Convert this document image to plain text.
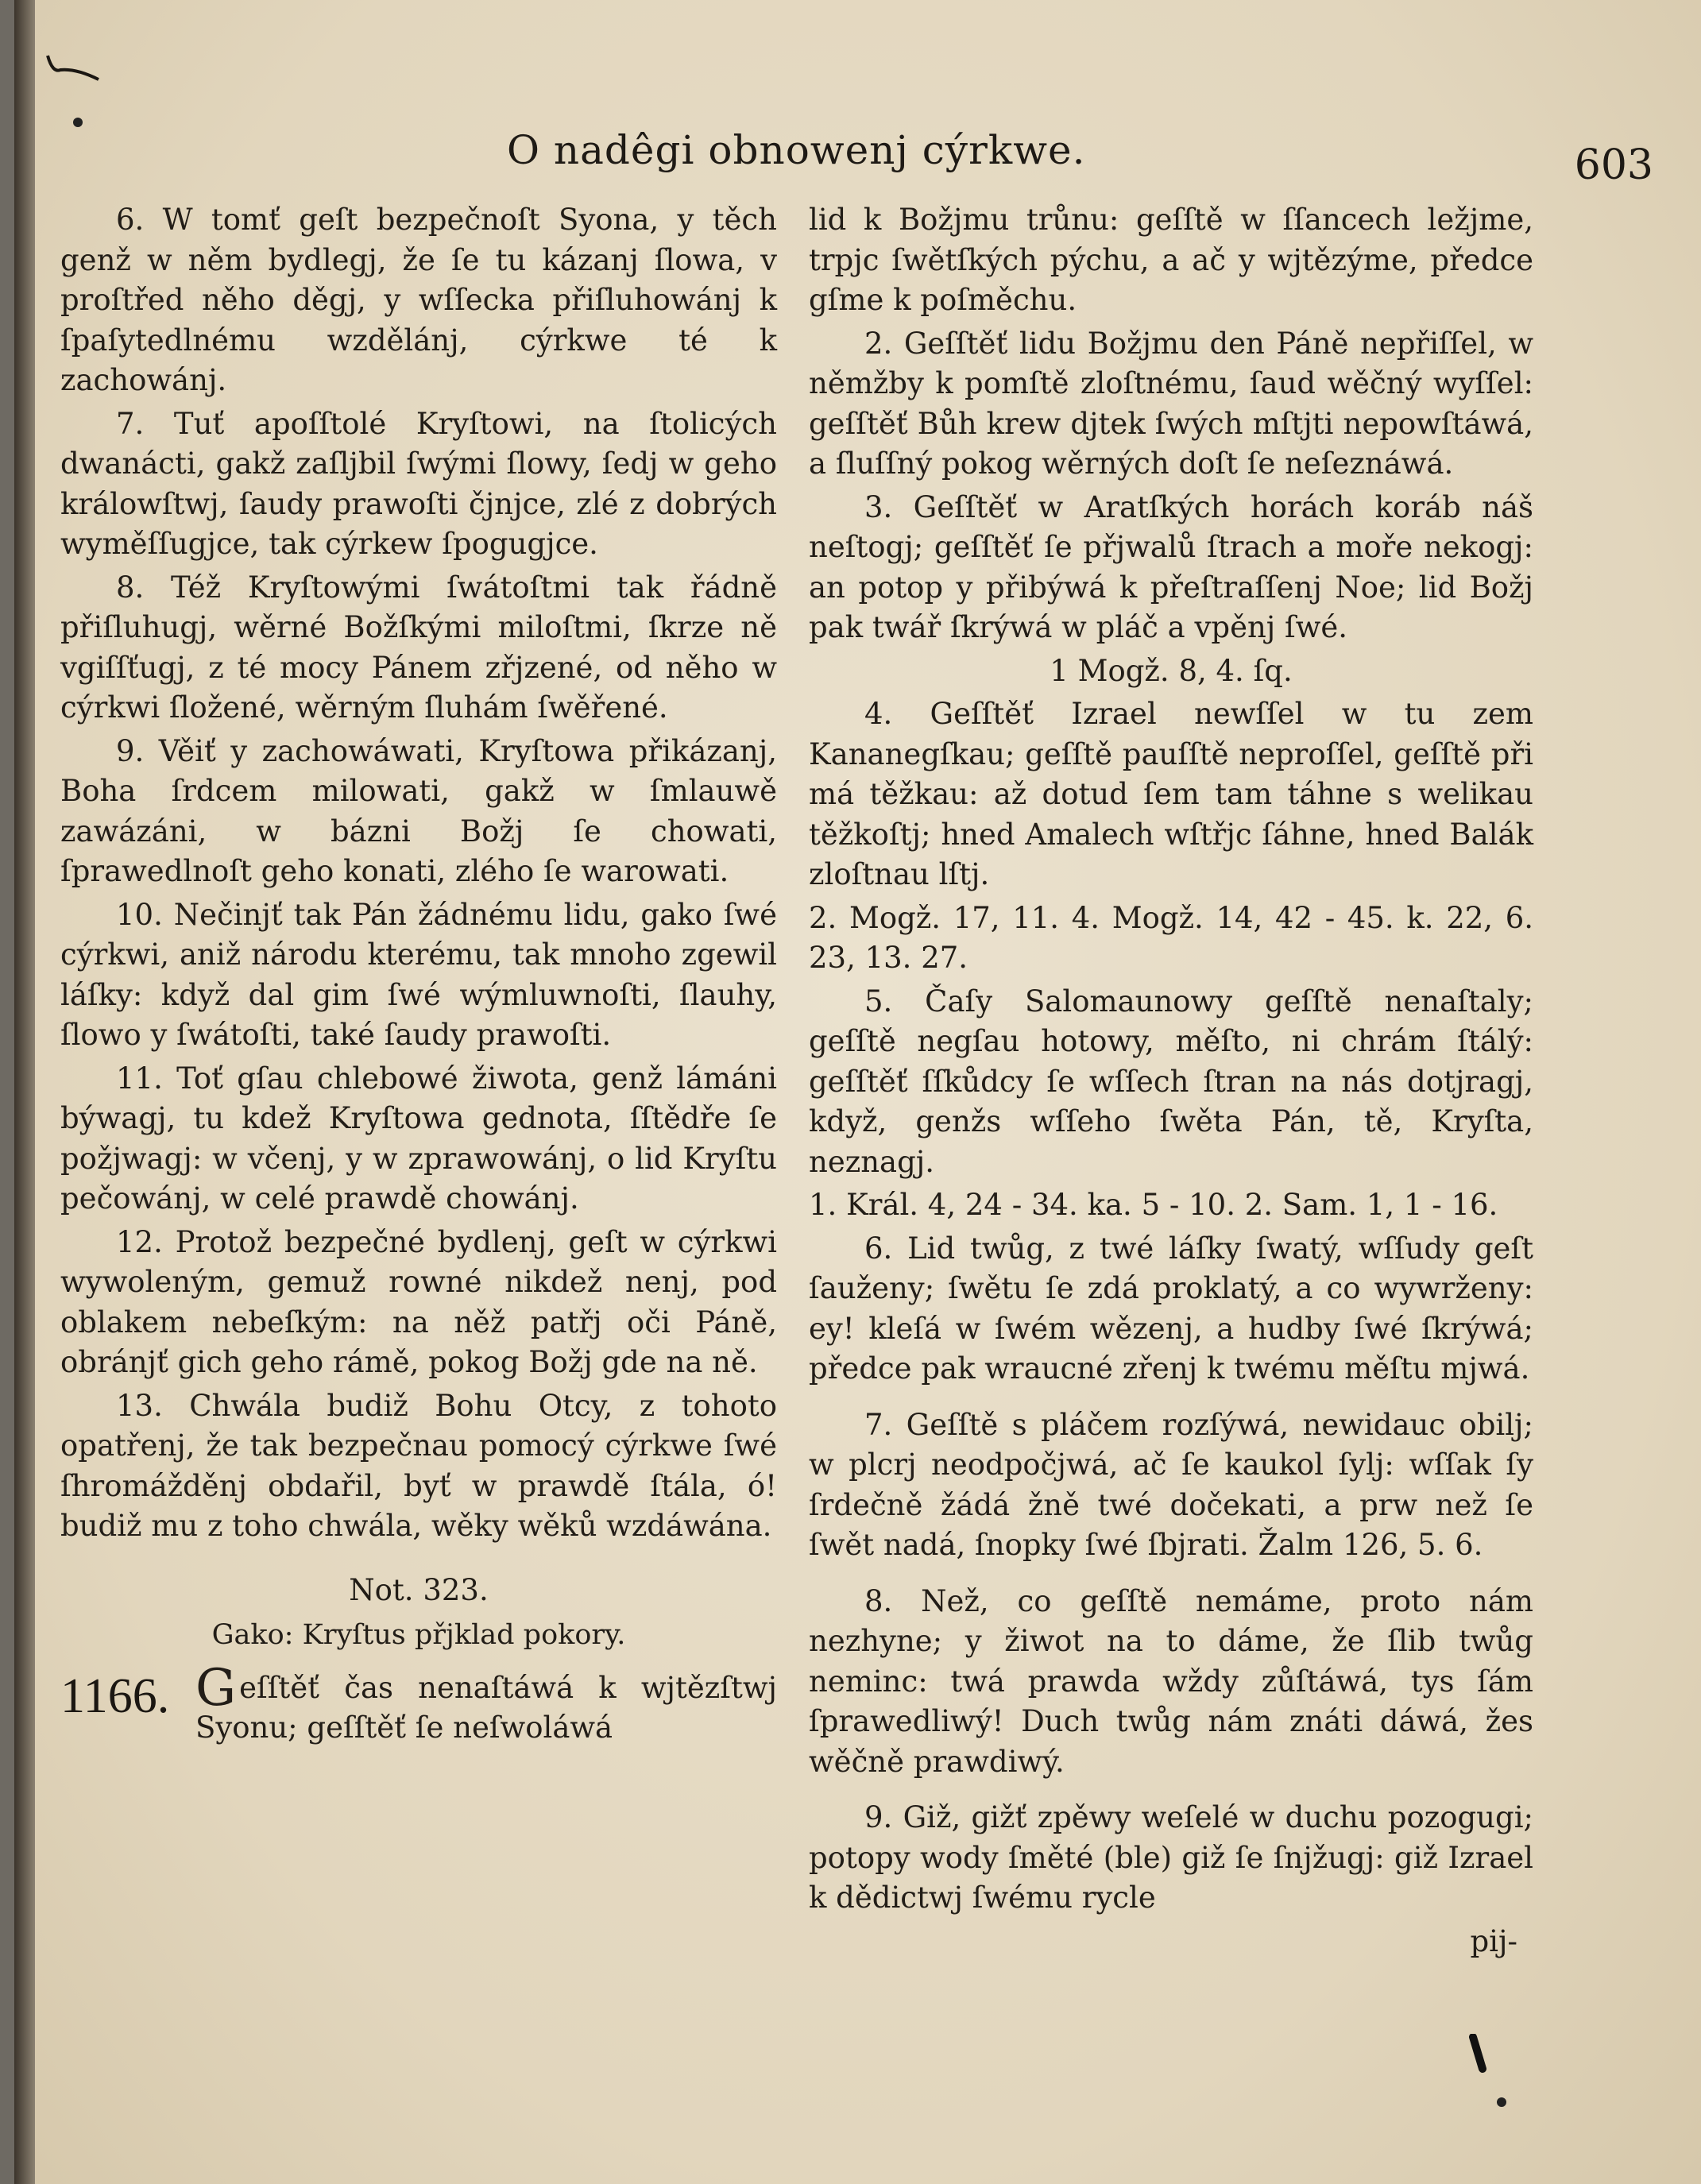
O nadêgi obnowenj cýrkwe.	603

6. W tomť geſt bezpečnoſt Syona, y těch genž w něm bydlegj, že ſe tu kázanj ſlowa, v proſtřed něho děgj, y wſſecka přiſluhowánj k ſpaſytedlnému wzdělánj, cýrkwe té k zachowánj.

7. Tuť apoſſtolé Kryſtowi, na ſtolicých dwanácti, gakž zaſljbil ſwými ſlowy, ſedj w geho králowſtwj, ſaudy prawoſti čjnjce, zlé z dobrých wyměſſugjce, tak cýrkew ſpogugjce.

8. Též Kryſtowými ſwátoſtmi tak řádně přiſluhugj, wěrné Božſkými miloſtmi, ſkrze ně vgiſſťugj, z té mocy Pánem zřjzené, od něho w cýrkwi ſložené, wěrným ſluhám ſwěřené.

9. Věiť y zachowáwati, Kryſtowa přikázanj, Boha ſrdcem milowati, gakž w ſmlauwě zawázáni, w bázni Božj ſe chowati, ſprawedlnoſt geho konati, zlého ſe warowati.

10. Nečinjť tak Pán žádnému lidu, gako ſwé cýrkwi, aniž národu kterému, tak mnoho zgewil láſky: když dal gim ſwé wýmluwnoſti, ſlauhy, ſlowo y ſwátoſti, také ſaudy prawoſti.

11. Toť gſau chlebowé žiwota, genž lámáni býwagj, tu kdež Kryſtowa gednota, ſſtědře ſe požjwagj: w včenj, y w zprawowánj, o lid Kryſtu pečowánj, w celé prawdě chowánj.

12. Protož bezpečné bydlenj, geſt w cýrkwi wywoleným, gemuž rowné nikdež nenj, pod oblakem nebeſkým: na něž patřj oči Páně, obránjť gich geho rámě, pokog Božj gde na ně.

13. Chwála budiž Bohu Otcy, z tohoto opatřenj, že tak bezpečnau pomocý cýrkwe ſwé ſhromážděnj obdařil, byť w prawdě ſtála, ó! budiž mu z toho chwála, wěky wěků wzdáwána.

Not. 323.
Gako: Kryſtus přjklad pokory.
1166. Geſſtěť čas nenaſtáwá k wjtězſtwj Syonu; geſſtěť ſe neſwoláwá

lid k Božjmu trůnu: geſſtě w ſſancech ležjme, trpjc ſwětſkých pýchu, a ač y wjtězýme, předce gſme k poſměchu.

2. Geſſtěť lidu Božjmu den Páně nepřiſſel, w němžby k pomſtě zloſtnému, ſaud wěčný wyſſel: geſſtěť Bůh krew djtek ſwých mſtjti nepowſtáwá, a ſluſſný pokog wěrných doſt ſe neſeznáwá.

3. Geſſtěť w Aratſkých horách koráb náš neſtogj; geſſtěť ſe přjwalů ſtrach a moře nekogj: an potop y přibýwá k přeſtraſſenj Noe; lid Božj pak twář ſkrýwá w pláč a vpěnj ſwé.

1 Mogž. 8, 4. ſq.

4. Geſſtěť Izrael newſſel w tu zem Kananegſkau; geſſtě pauſſtě neproſſel, geſſtě při má těžkau: až dotud ſem tam táhne s welikau těžkoſtj; hned Amalech wſtřjc ſáhne, hned Balák zloſtnau lſtj.

2. Mogž. 17, 11. 4. Mogž. 14, 42 - 45. k. 22, 6. 23, 13. 27.

5. Čaſy Salomaunowy geſſtě nenaſtaly; geſſtě negſau hotowy, měſto, ni chrám ſtálý: geſſtěť ſſkůdcy ſe wſſech ſtran na nás dotjragj, když, genžs wſſeho ſwěta Pán, tě, Kryſta, neznagj.

1. Král. 4, 24 - 34. ka. 5 - 10. 2. Sam. 1, 1 - 16.

6. Lid twůg, z twé láſky ſwatý, wſſudy geſt ſauženy; ſwětu ſe zdá proklatý, a co wywrženy: ey! kleſá w ſwém wězenj, a hudby ſwé ſkrýwá; předce pak wraucné zřenj k twému měſtu mjwá.

7. Geſſtě s pláčem rozſýwá, newidauc obilj; w plcrj neodpočjwá, ač ſe kaukol ſylj: wſſak ſy ſrdečně žádá žně twé dočekati, a prw než ſe ſwět nadá, ſnopky ſwé ſbjrati. Žalm 126, 5. 6.

8. Než, co geſſtě nemáme, proto nám nezhyne; y žiwot na to dáme, že ſlib twůg neminc: twá prawda wždy zůſtáwá, tys ſám ſprawedliwý! Duch twůg nám znáti dáwá, žes wěčně prawdiwý.

9. Giž, gižť zpěwy weſelé w duchu pozogugi; potopy wody ſměté (ble) giž ſe ſnjžugj: giž Izrael k dědictwj ſwému rycle

pij-
